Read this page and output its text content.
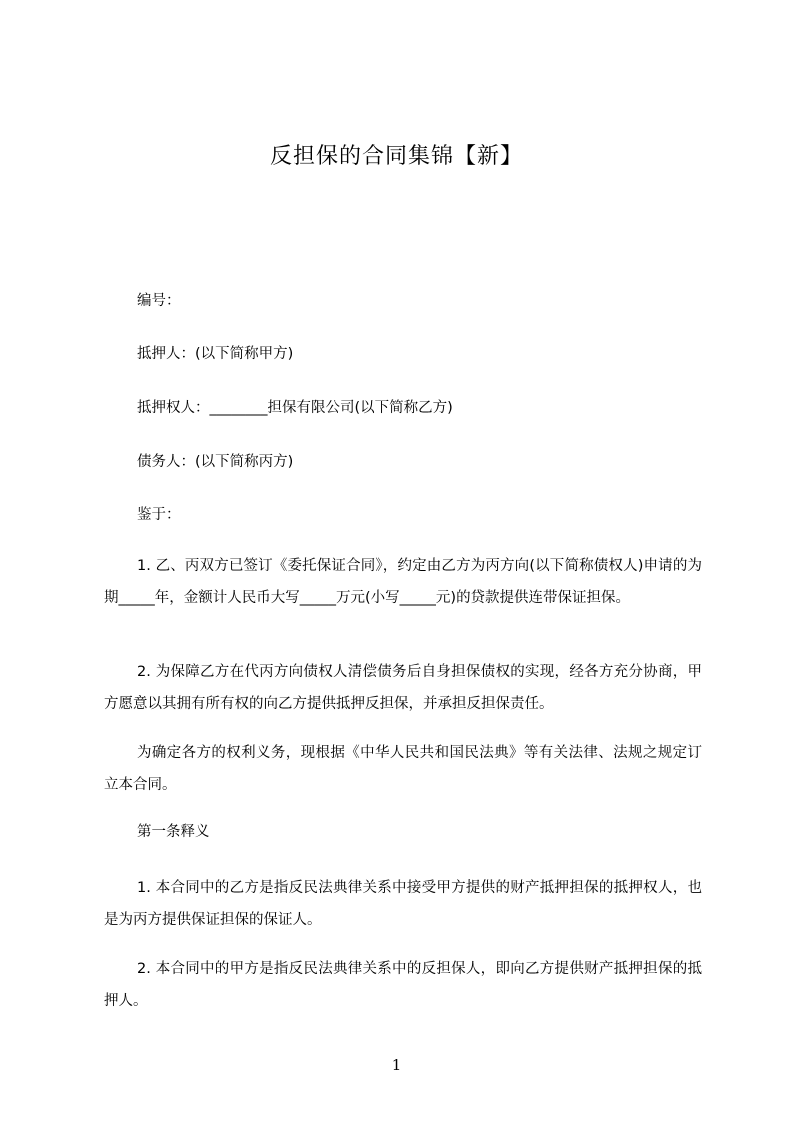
反担保的合同集锦【新】
编号：
抵押人：(以下简称甲方)
抵押权人：________担保有限公司(以下简称乙方)
债务人：(以下简称丙方)
鉴于：
1. 乙、丙双方已签订《委托保证合同》，约定由乙方为丙方向(以下简称债权人)申请的为期_____年，金额计人民币大写_____万元(小写_____元)的贷款提供连带保证担保。
2. 为保障乙方在代丙方向债权人清偿债务后自身担保债权的实现，经各方充分协商，甲方愿意以其拥有所有权的向乙方提供抵押反担保，并承担反担保责任。
为确定各方的权利义务，现根据《中华人民共和国民法典》等有关法律、法规之规定订立本合同。
第一条释义
1. 本合同中的乙方是指反民法典律关系中接受甲方提供的财产抵押担保的抵押权人，也是为丙方提供保证担保的保证人。
2. 本合同中的甲方是指反民法典律关系中的反担保人，即向乙方提供财产抵押担保的抵押人。
1
